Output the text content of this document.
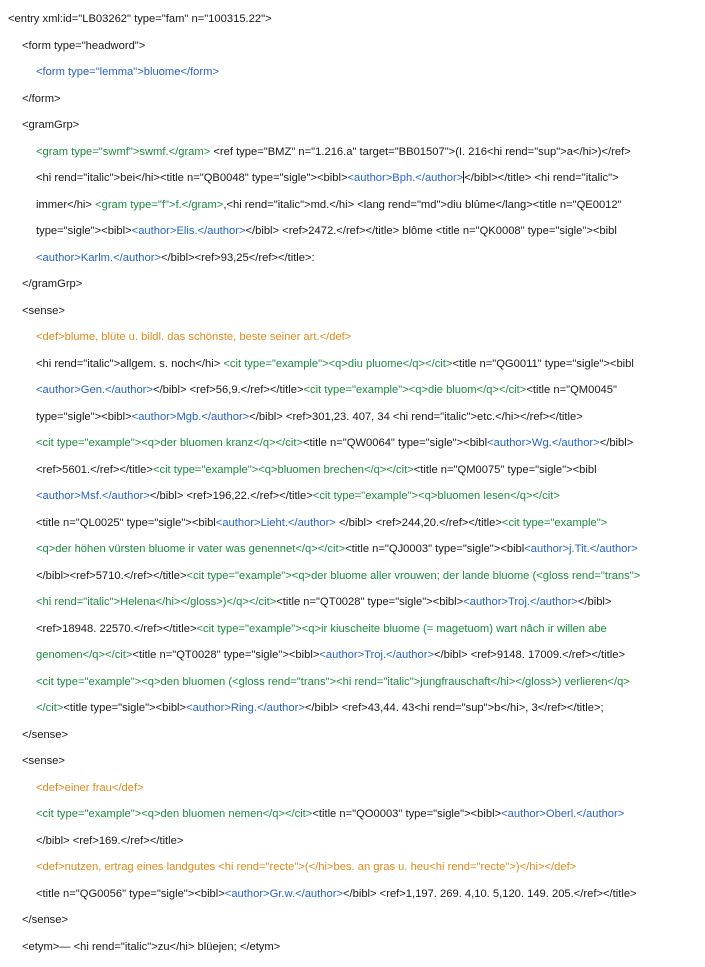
<entry xml:id="LB03262" type="fam" n="100315.22">
<form type="headword">
<form type="lemma">bluome</form>
</form>
<gramGrp>
<gram type="swmf">swmf.</gram> <ref type="BMZ" n="1.216.a" target="BB01507">(I. 216<hi rend="sup">a</hi>)</ref>
<hi rend="italic">bei</hi><title n="QB0048" type="sigle"><bibl><author>Bph.</author></bibl></title> <hi rend="italic">
immer</hi> <gram type="f">f.</gram>,<hi rend="italic">md.</hi> <lang rend="md">diu blûme</lang><title n="QE0012"
type="sigle"><bibl><author>Elis.</author></bibl> <ref>2472.</ref></title> blôme <title n="QK0008" type="sigle"><bibl
<author>Karlm.</author></bibl><ref>93,25</ref></title>:
</gramGrp>
<sense>
<def>blume, blüte u. bildl. das schönste, beste seiner art.</def>
<hi rend="italic">allgem. s. noch</hi> <cit type="example"><q>diu pluome</q></cit><title n="QG0011" type="sigle"><bibl
<author>Gen.</author></bibl> <ref>56,9.</ref></title><cit type="example"><q>die bluom</q></cit><title n="QM0045"
type="sigle"><bibl><author>Mgb.</author></bibl> <ref>301,23. 407, 34 <hi rend="italic">etc.</hi></ref></title>
<cit type="example"><q>der bluomen kranz</q></cit><title n="QW0064" type="sigle"><bibl<author>Wg.</author></bibl>
<ref>5601.</ref></title><cit type="example"><q>bluomen brechen</q></cit><title n="QM0075" type="sigle"><bibl
<author>Msf.</author></bibl> <ref>196,22.</ref></title><cit type="example"><q>bluomen lesen</q></cit>
<title n="QL0025" type="sigle"><bibl<author>Lieht.</author> </bibl> <ref>244,20.</ref></title><cit type="example">
<q>der höhen vürsten bluome ir vater was genennet</q></cit><title n="QJ0003" type="sigle"><bibl<author>j.Tit.</author>
</bibl><ref>5710.</ref></title><cit type="example"><q>der bluome aller vrouwen; der lande bluome (<gloss rend="trans">
<hi rend="italic">Helena</hi></gloss>)</q></cit><title n="QT0028" type="sigle"><bibl><author>Troj.</author></bibl>
<ref>18948. 22570.</ref></title><cit type="example"><q>ir kiuscheite bluome (= magetuom) wart nâch ir willen abe
genomen</q></cit><title n="QT0028" type="sigle"><bibl><author>Troj.</author></bibl> <ref>9148. 17009.</ref></title>
<cit type="example"><q>den bluomen (<gloss rend="trans"><hi rend="italic">jungfrauschaft</hi></gloss>) verlieren</q>
</cit><title type="sigle"><bibl><author>Ring.</author></bibl> <ref>43,44. 43<hi rend="sup">b</hi>, 3</ref></title>;
</sense>
<sense>
<def>einer frau</def>
<cit type="example"><q>den bluomen nemen</q></cit><title n="QO0003" type="sigle"><bibl><author>Oberl.</author>
</bibl> <ref>169.</ref></title>
<def>nutzen, ertrag eines landgutes <hi rend="recte">(</hi>bes. an gras u. heu<hi rend="recte">)</hi></def>
<title n="QG0056" type="sigle"><bibl><author>Gr.w.</author></bibl> <ref>1,197. 269. 4,10. 5,120. 149. 205.</ref></title>
</sense>
<etym>— <hi rend="italic">zu</hi> blüejen; </etym>
